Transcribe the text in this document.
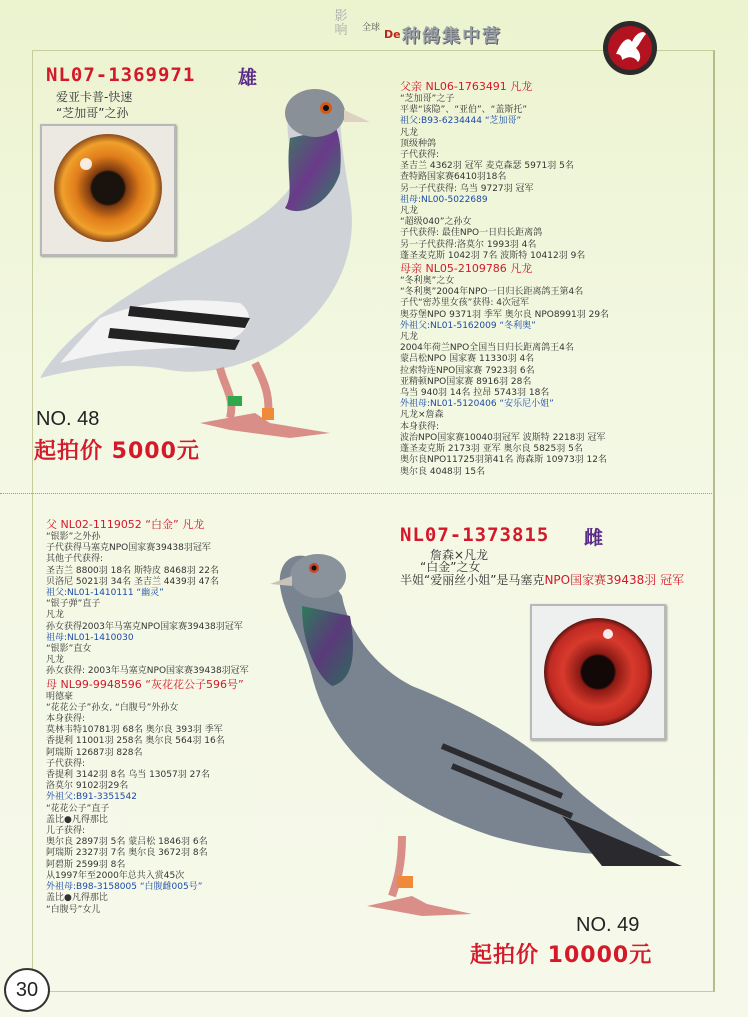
影响	全球 De 种鸽集中营
NL07-1369971 雄
爱亚卡普-快速
“芝加哥”之孙
NO. 48
起拍价 5000元
父亲 NL06-1763491 凡龙
“芝加哥”之子
平辈“该隐”、“亚伯”、“盖斯托”
祖父:B93-6234444 “芝加哥”
凡龙
顶级种鸽
子代获得:
圣吉兰 4362羽 冠军 麦克森瑟 5971羽 5名
查特路国家赛6410羽18名
另一子代获得: 乌当 9727羽 冠军
祖母:NL00-5022689
凡龙
“超级040”之孙女
子代获得: 最佳NPO一日归长距离鸽
另一子代获得:洛莫尔 1993羽 4名
蓬圣麦克斯 1042羽 7名 波斯特 10412羽 9名
母亲 NL05-2109786 凡龙
“冬利奥”之女
“冬利奥”2004年NPO一日归长距离鸽王第4名
子代“密苏里女孩”获得: 4次冠军
奥芬堡NPO 9371羽 季军 奥尔良 NPO8991羽 29名
外祖父:NL01-5162009 “冬利奥”
凡龙
2004年荷兰NPO全国当日归长距离鸽王4名
蒙吕松NPO 国家赛 11330羽 4名
拉索特连NPO国家赛 7923羽 6名
亚精顿NPO国家赛 8916羽 28名
乌当 940羽 14名 拉昂 5743羽 18名
外祖母:NL01-5120406 “安乐尼小姐”
凡龙×詹森
本身获得:
波治NPO国家赛10040羽冠军 波斯特 2218羽 冠军
蓬圣麦克斯 2173羽 亚军 奥尔良 5825羽 5名
奥尔良NPO11725羽第41名 海森斯 10973羽 12名
奥尔良 4048羽 15名
父 NL02-1119052 “白金” 凡龙
“银影”之外孙
子代获得马塞克NPO国家赛39438羽冠军
其他子代获得:
圣吉兰 8800羽 18名 斯特皮 8468羽 22名
贝洛尼 5021羽 34名 圣吉兰 4439羽 47名
祖父:NL01-1410111 “幽灵”
“银子弹”直子
凡龙
孙女获得2003年马塞克NPO国家赛39438羽冠军
祖母:NL01-1410030
“银影”直女
凡龙
孙女获得: 2003年马塞克NPO国家赛39438羽冠军
母 NL99-9948596 “灰花花公子596号”
明德豪
“花花公子”孙女, “白腹号”外孙女
本身获得:
莫林韦特10781羽 68名 奥尔良 393羽 季军
香提利 11001羽 258名 奥尔良 564羽 16名
阿瑞斯 12687羽 828名
子代获得:
香提利 3142羽 8名 乌当 13057羽 27名
洛莫尔 9102羽29名
外祖父:B91-3351542
“花花公子”直子
盖比●凡得那比
儿子获得:
奥尔良 2897羽 5名 蒙吕松 1846羽 6名
阿瑞斯 2327羽 7名 奥尔良 3672羽 8名
阿碧斯 2599羽 8名
从1997年至2000年总共入赏45次
外祖母:B98-3158005 “白腹雌005号”
盖比●凡得那比
“白腹号”女儿
NL07-1373815 雌
詹森×凡龙
“白金”之女
半姐“爱丽丝小姐”是马塞克NPO国家赛39438羽 冠军
NO. 49
起拍价 10000元
30
